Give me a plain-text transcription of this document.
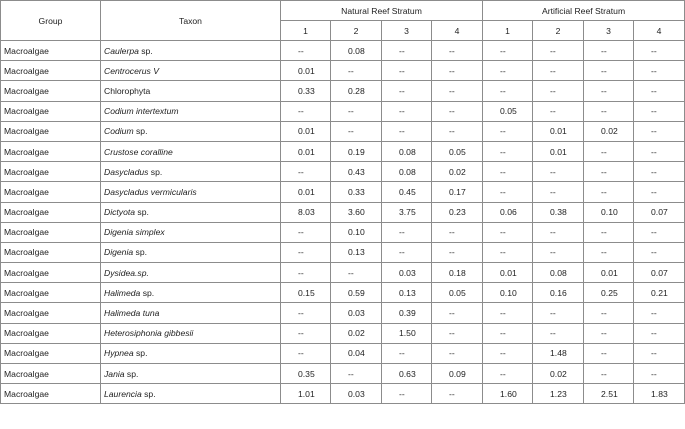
Group	Taxon	Natural Reef Stratum				Artificial Reef Stratum			
		1	2	3	4	1	2	3	4
Macroalgae	Caulerpa sp.	--	0.08	--	--	--	--	--	--
Macroalgae	Centrocerus V	0.01	--	--	--	--	--	--	--
Macroalgae	Chlorophyta	0.33	0.28	--	--	--	--	--	--
Macroalgae	Codium intertextum	--	--	--	--	0.05	--	--	--
Macroalgae	Codium sp.	0.01	--	--	--	--	0.01	0.02	--
Macroalgae	Crustose coralline	0.01	0.19	0.08	0.05	--	0.01	--	--
Macroalgae	Dasycladus sp.	--	0.43	0.08	0.02	--	--	--	--
Macroalgae	Dasycladus vermicularis	0.01	0.33	0.45	0.17	--	--	--	--
Macroalgae	Dictyota sp.	8.03	3.60	3.75	0.23	0.06	0.38	0.10	0.07
Macroalgae	Digenia simplex	--	0.10	--	--	--	--	--	--
Macroalgae	Digenia sp.	--	0.13	--	--	--	--	--	--
Macroalgae	Dysidea.sp.	--	--	0.03	0.18	0.01	0.08	0.01	0.07
Macroalgae	Halimeda sp.	0.15	0.59	0.13	0.05	0.10	0.16	0.25	0.21
Macroalgae	Halimeda tuna	--	0.03	0.39	--	--	--	--	--
Macroalgae	Heterosiphonia gibbesii	--	0.02	1.50	--	--	--	--	--
Macroalgae	Hypnea sp.	--	0.04	--	--	--	1.48	--	--
Macroalgae	Jania sp.	0.35	--	0.63	0.09	--	0.02	--	--
Macroalgae	Laurencia sp.	1.01	0.03	--	--	1.60	1.23	2.51	1.83
